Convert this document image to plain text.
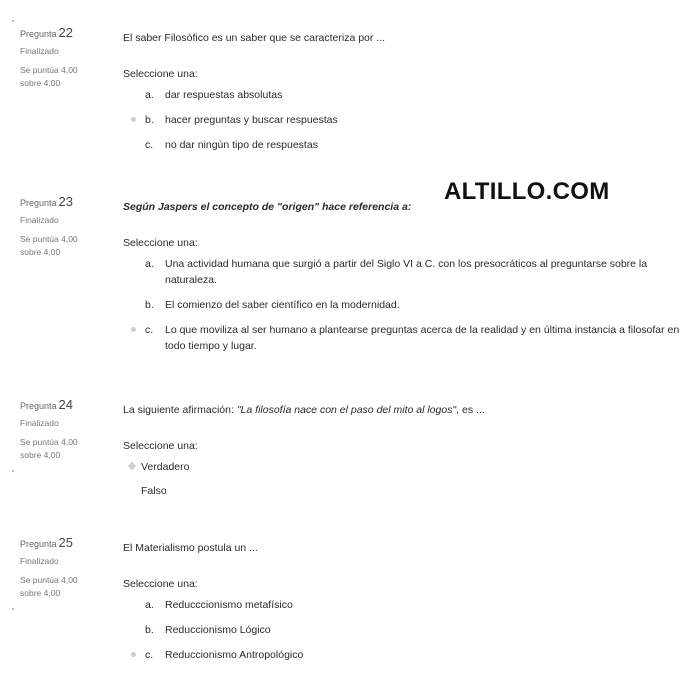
Pregunta 22
Finalizado
Se puntúa 4,00
sobre 4,00
El saber Filosòfico es un saber que se caracteriza por ...
Seleccione una:
a. dar respuestas absolutas
b. hacer preguntas y buscar respuestas
c. no dar ningùn tipo de respuestas
ALTILLO.COM
Pregunta 23
Finalizado
Se puntúa 4,00
sobre 4,00
Según Jaspers el concepto de "origen" hace referencia a:
Seleccione una:
a. Una actividad humana que surgió a partir del Siglo VI a C. con los presocráticos al preguntarse sobre la naturaleza.
b. El comienzo del saber científico en la modernidad.
c. Lo que moviliza al ser humano a plantearse preguntas acerca de la realidad y en última instancia a filosofar en todo tiempo y lugar.
Pregunta 24
Finalizado
Se puntúa 4,00
sobre 4,00
La siguiente afirmación: "La filosofía nace con el paso del mito al logos", es ...
Seleccione una:
Verdadero
Falso
Pregunta 25
Finalizado
Se puntúa 4,00
sobre 4,00
El Materialismo postula un ...
Seleccione una:
a. Reducccionismo metafísico
b. Reduccionismo Lógico
c. Reduccionismo Antropológico
